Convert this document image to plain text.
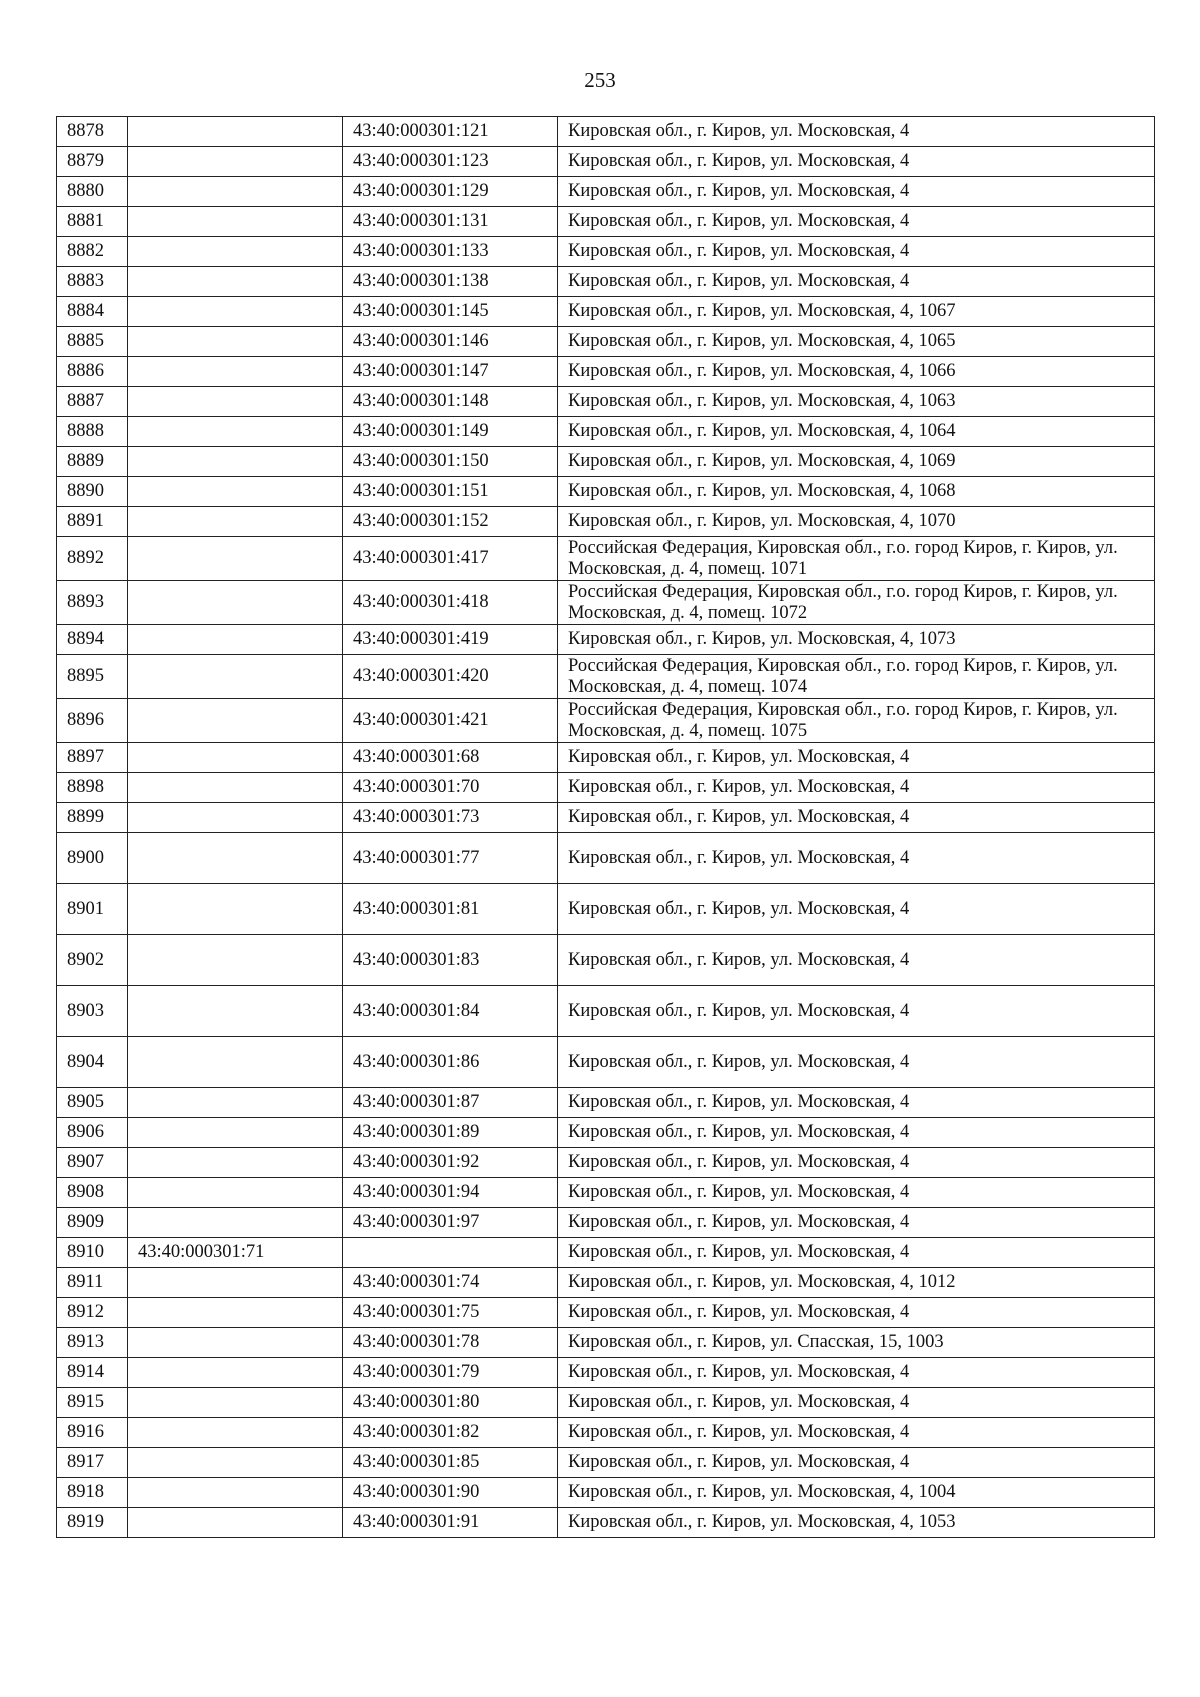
253
8878		43:40:000301:121	Кировская обл., г. Киров, ул. Московская, 4
8879		43:40:000301:123	Кировская обл., г. Киров, ул. Московская, 4
8880		43:40:000301:129	Кировская обл., г. Киров, ул. Московская, 4
8881		43:40:000301:131	Кировская обл., г. Киров, ул. Московская, 4
8882		43:40:000301:133	Кировская обл., г. Киров, ул. Московская, 4
8883		43:40:000301:138	Кировская обл., г. Киров, ул. Московская, 4
8884		43:40:000301:145	Кировская обл., г. Киров, ул. Московская, 4, 1067
8885		43:40:000301:146	Кировская обл., г. Киров, ул. Московская, 4, 1065
8886		43:40:000301:147	Кировская обл., г. Киров, ул. Московская, 4, 1066
8887		43:40:000301:148	Кировская обл., г. Киров, ул. Московская, 4, 1063
8888		43:40:000301:149	Кировская обл., г. Киров, ул. Московская, 4, 1064
8889		43:40:000301:150	Кировская обл., г. Киров, ул. Московская, 4, 1069
8890		43:40:000301:151	Кировская обл., г. Киров, ул. Московская, 4, 1068
8891		43:40:000301:152	Кировская обл., г. Киров, ул. Московская, 4, 1070
8892		43:40:000301:417	Российская Федерация, Кировская обл., г.о. город Киров, г. Киров, ул. Московская, д. 4, помещ. 1071
8893		43:40:000301:418	Российская Федерация, Кировская обл., г.о. город Киров, г. Киров, ул. Московская, д. 4, помещ. 1072
8894		43:40:000301:419	Кировская обл., г. Киров, ул. Московская, 4, 1073
8895		43:40:000301:420	Российская Федерация, Кировская обл., г.о. город Киров, г. Киров, ул. Московская, д. 4, помещ. 1074
8896		43:40:000301:421	Российская Федерация, Кировская обл., г.о. город Киров, г. Киров, ул. Московская, д. 4, помещ. 1075
8897		43:40:000301:68	Кировская обл., г. Киров, ул. Московская, 4
8898		43:40:000301:70	Кировская обл., г. Киров, ул. Московская, 4
8899		43:40:000301:73	Кировская обл., г. Киров, ул. Московская, 4
8900		43:40:000301:77	Кировская обл., г. Киров, ул. Московская, 4
8901		43:40:000301:81	Кировская обл., г. Киров, ул. Московская, 4
8902		43:40:000301:83	Кировская обл., г. Киров, ул. Московская, 4
8903		43:40:000301:84	Кировская обл., г. Киров, ул. Московская, 4
8904		43:40:000301:86	Кировская обл., г. Киров, ул. Московская, 4
8905		43:40:000301:87	Кировская обл., г. Киров, ул. Московская, 4
8906		43:40:000301:89	Кировская обл., г. Киров, ул. Московская, 4
8907		43:40:000301:92	Кировская обл., г. Киров, ул. Московская, 4
8908		43:40:000301:94	Кировская обл., г. Киров, ул. Московская, 4
8909		43:40:000301:97	Кировская обл., г. Киров, ул. Московская, 4
8910	43:40:000301:71		Кировская обл., г. Киров, ул. Московская, 4
8911		43:40:000301:74	Кировская обл., г. Киров, ул. Московская, 4, 1012
8912		43:40:000301:75	Кировская обл., г. Киров, ул. Московская, 4
8913		43:40:000301:78	Кировская обл., г. Киров, ул. Спасская, 15, 1003
8914		43:40:000301:79	Кировская обл., г. Киров, ул. Московская, 4
8915		43:40:000301:80	Кировская обл., г. Киров, ул. Московская, 4
8916		43:40:000301:82	Кировская обл., г. Киров, ул. Московская, 4
8917		43:40:000301:85	Кировская обл., г. Киров, ул. Московская, 4
8918		43:40:000301:90	Кировская обл., г. Киров, ул. Московская, 4, 1004
8919		43:40:000301:91	Кировская обл., г. Киров, ул. Московская, 4, 1053
